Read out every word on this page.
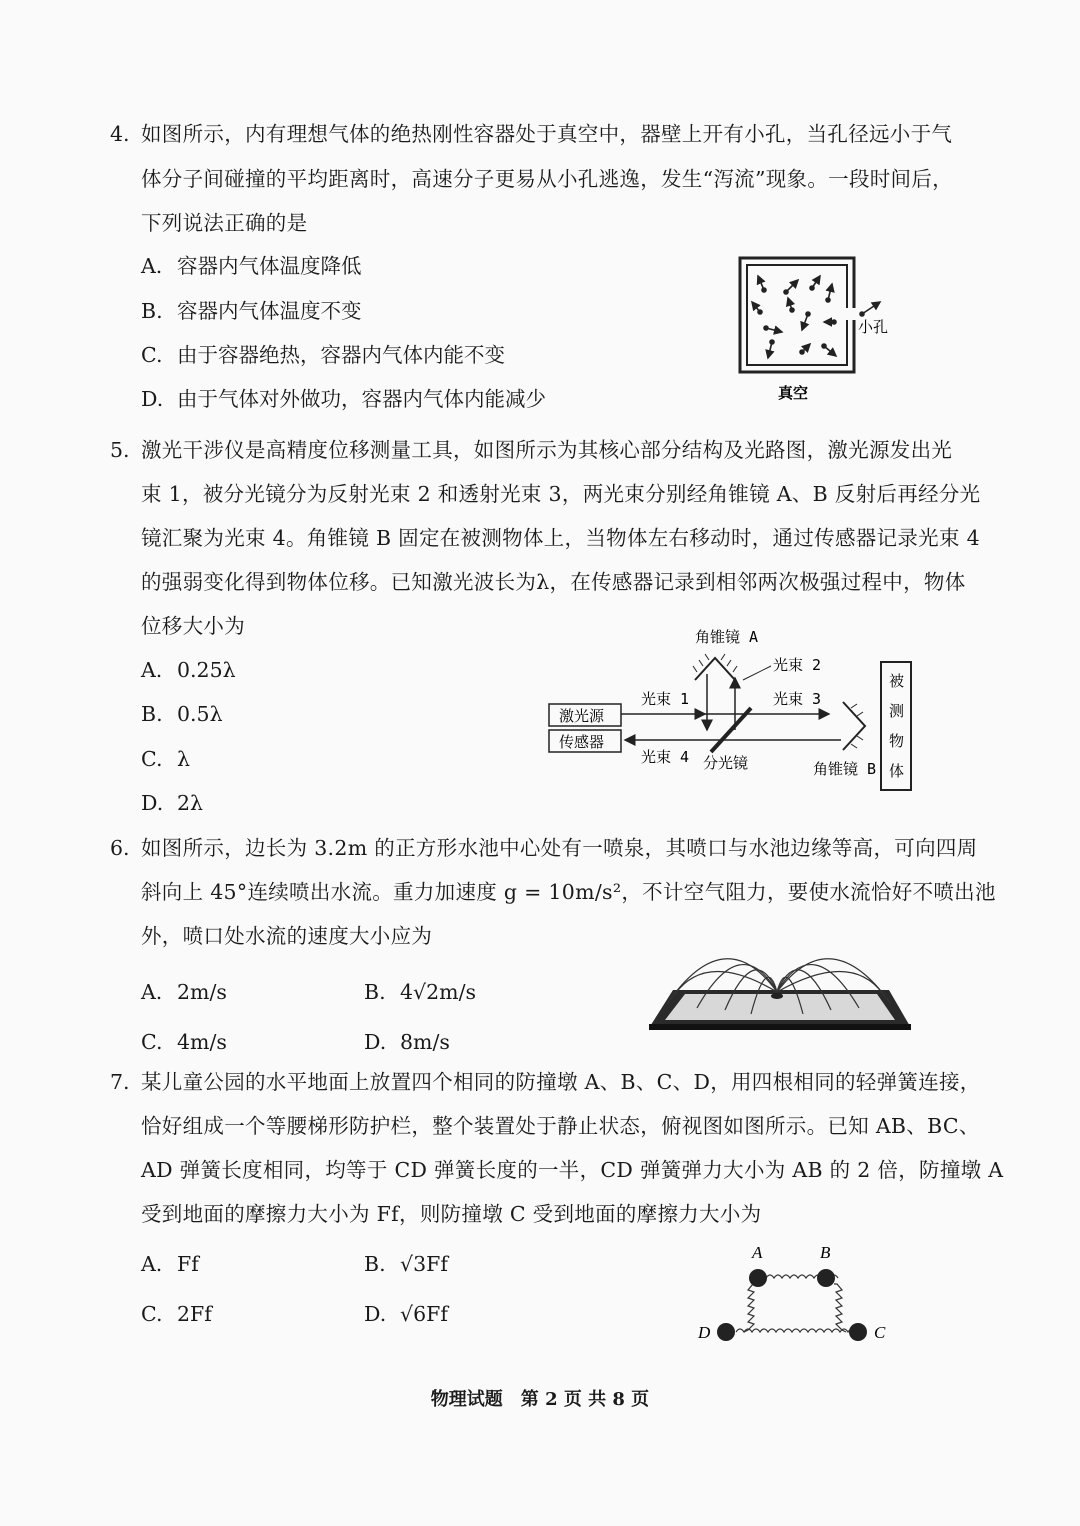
4. 如图所示，内有理想气体的绝热刚性容器处于真空中，器壁上开有小孔，当孔径远小于气
体分子间碰撞的平均距离时，高速分子更易从小孔逃逸，发生“泻流”现象。一段时间后，
下列说法正确的是
A. 容器内气体温度降低
B. 容器内气体温度不变
C. 由于容器绝热，容器内气体内能不变
D. 由于气体对外做功，容器内气体内能减少
小孔
真空
5. 激光干涉仪是高精度位移测量工具，如图所示为其核心部分结构及光路图，激光源发出光
束 1，被分光镜分为反射光束 2 和透射光束 3，两光束分别经角锥镜 A、B 反射后再经分光
镜汇聚为光束 4。角锥镜 B 固定在被测物体上，当物体左右移动时，通过传感器记录光束 4
的强弱变化得到物体位移。已知激光波长为λ，在传感器记录到相邻两次极强过程中，物体
位移大小为
A. 0.25λ
B. 0.5λ
C. λ
D. 2λ
角锥镜 A
光束 2
激光源
传感器
光束 1	光束 3
光束 4 分光镜	角锥镜 B
被
测
物
体
6. 如图所示，边长为 3.2m 的正方形水池中心处有一喷泉，其喷口与水池边缘等高，可向四周
斜向上 45°连续喷出水流。重力加速度 g = 10m/s²，不计空气阻力，要使水流恰好不喷出池
外，喷口处水流的速度大小应为
A. 2m/s	B. 4√2m/s
C. 4m/s	D. 8m/s
7. 某儿童公园的水平地面上放置四个相同的防撞墩 A、B、C、D，用四根相同的轻弹簧连接，
恰好组成一个等腰梯形防护栏，整个装置处于静止状态，俯视图如图所示。已知 AB、BC、
AD 弹簧长度相同，均等于 CD 弹簧长度的一半，CD 弹簧弹力大小为 AB 的 2 倍，防撞墩 A
受到地面的摩擦力大小为 Ff，则防撞墩 C 受到地面的摩擦力大小为
A. Ff	B. √3Ff
C. 2Ff	D. √6Ff
A	B
D	C
物理试题　第 2 页 共 8 页
